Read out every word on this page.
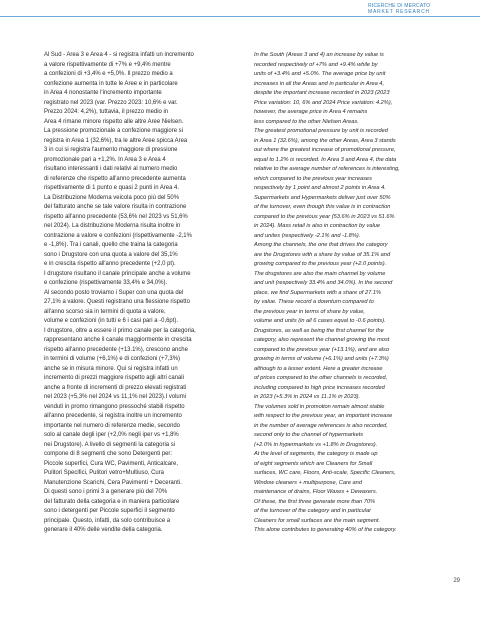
RICERCHE DI MERCATO
MARKET RESEARCH

Al Sud - Area 3 e Area 4 - si registra infatti un incremento
a valore rispettivamente di +7% e +9,4% mentre
a confezioni di +3,4% e +5,0%. Il prezzo medio a
confezione aumenta in tutte le Aree e in particolare
in Area 4 nonostante l'incremento importante
registrato nel 2023 (var. Prezzo 2023: 10,6% e var.
Prezzo 2024: 4,2%), tuttavia, il prezzo medio in
Area 4 rimane minore rispetto alle altre Aree Nielsen.
La pressione promozionale a confezione maggiore si
registra in Area 1 (32,6%), tra le altre Aree spicca Area
3 in cui si registra l'aumento maggiore di pressione
promozionale pari a +1,2%. In Area 3 e Area 4
risultano interessanti i dati relativi al numero medio
di referenze che rispetto all'anno precedente aumenta
rispettivamente di 1 punto e quasi 2 punti in Area 4.
La Distribuzione Moderna veicola poco più del 50%
del fatturato anche se tale valore risulta in contrazione
rispetto all'anno precedente (53,6% nel 2023 vs 51,6%
nel 2024). La distribuzione Moderna risulta inoltre in
contrazione a valore e confezioni (rispettivamente -2,1%
e -1,8%). Tra i canali, quello che traina la categoria
sono i Drugstore con una quota a valore del 35,1%
e in crescita rispetto all'anno precedente (+2,0 pt).
I drugstore risultano il canale principale anche a volume
e confezione (rispettivamente 33,4% e 34,0%).
Al secondo posto troviamo i Super con una quota del
27,1% a valore. Questi registrano una flessione rispetto
all'anno scorso sia in termini di quota a valore,
volume e confezioni (in tutti e 6 i casi pari a -0,6pt).
I drugstore, oltre a essere il primo canale per la categoria,
rappresentano anche il canale maggiormente in crescita
rispetto all'anno precedente (+13.1%), crescono anche
in termini di volume (+6,1%) e di confezioni (+7,3%)
anche se in misura minore. Qui si registra infatti un
incremento di prezzi maggiore rispetto agli altri canali
anche a fronte di incrementi di prezzo elevati registrati
nel 2023 (+5,3% nel 2024 vs 11,1% nel 2023).I volumi
venduti in promo rimangono pressoché stabili rispetto
all'anno precedente, si registra inoltre un incremento
importante nel numero di referenze medie, secondo
solo al canale degli iper (+2,0% negli iper vs +1,8%
nei Drugstore). A livello di segmenti la categoria si
compone di 8 segmenti che sono Detergenti per:
Piccole superfici, Cura WC, Pavimenti, Anticalcare,
Pulitori Specifici, Pulitori vetro+Multiuso, Cura
Manutenzione Scarichi, Cera Pavimenti + Deceranti.
Di questi sono i primi 3 a generare più del 70%
del fatturato della categoria e in maniera particolare
sono i detergenti per Piccole superfici il segmento
principale. Questo, infatti, da solo contribuisce a
generare il 40% delle vendite della categoria.

In the South (Areas 3 and 4) an increase by value is
recorded respectively of +7% and +9.4% while by
units of +3.4% and +5.0%. The average price by unit
increases in all the Areas and in particular in Area 4,
despite the important increase recorded in 2023 (2023
Price variation: 10, 6% and 2024 Price variation: 4.2%),
however, the average price in Area 4 remains
less compared to the other Nielsen Areas.
The greatest promotional pressure by unit is recorded
in Area 1 (32.6%), among the other Areas, Area 3 stands
out where the greatest increase of promotional pressure,
equal to 1.2% is recorded. In Area 3 and Area 4, the data
relative to the average number of references is interesting,
which compared to the previous year increases
respectively by 1 point and almost 2 points in Area 4.
Supermarkets and Hypermarkets deliver just over 50%
of the turnover, even though this value is in contraction
compared to the previous year (53.6% in 2023 vs 51.6%
in 2024). Mass retail is also in contraction by value
and unites (respectively -2.1% and -1.8%).
Among the channels, the one that drives the category
are the Drugstores with a share by value of 35.1% and
growing compared to the previous year (+2.0 points).
The drugstores are also the main channel by volume
and unit (respectively 33.4% and 34.0%). In the second
place, we find Supermarkets with a share of 27.1%
by value. These record a downturn compared to
the previous year in terms of share by value,
volume and units (in all 6 cases equal to -0.6 points).
Drugstores, as well as being the first channel for the
category, also represent the channel growing the most
compared to the previous year (+13.1%), and are also
growing in terms of volume (+6.1%) and units (+7.3%)
although to a lesser extent. Here a greater increase
of prices compared to the other channels is recorded,
including compared to high price increases recorded
in 2023 (+5.3% in 2024 vs 11.1% in 2023).
The volumes sold in promotion remain almost stable
with respect to the previous year, an important increase
in the number of average references is also recorded,
second only to the channel of hypermarkets
(+2.0% in hypermarkets vs +1.8% in Drugstores).
At the level of segments, the category is made up
of eight segments which are Cleaners for Small
surfaces, WC care, Floors, Anti-scale, Specific Cleaners,
Window cleaners + multipurpose, Care and
maintenance of drains, Floor Waxes + Dewaxers.
Of these, the first three generate more than 70%
of the turnover of the category and in particular
Cleaners for small surfaces are the main segment.
This alone contributes to generating 40% of the category.

29
